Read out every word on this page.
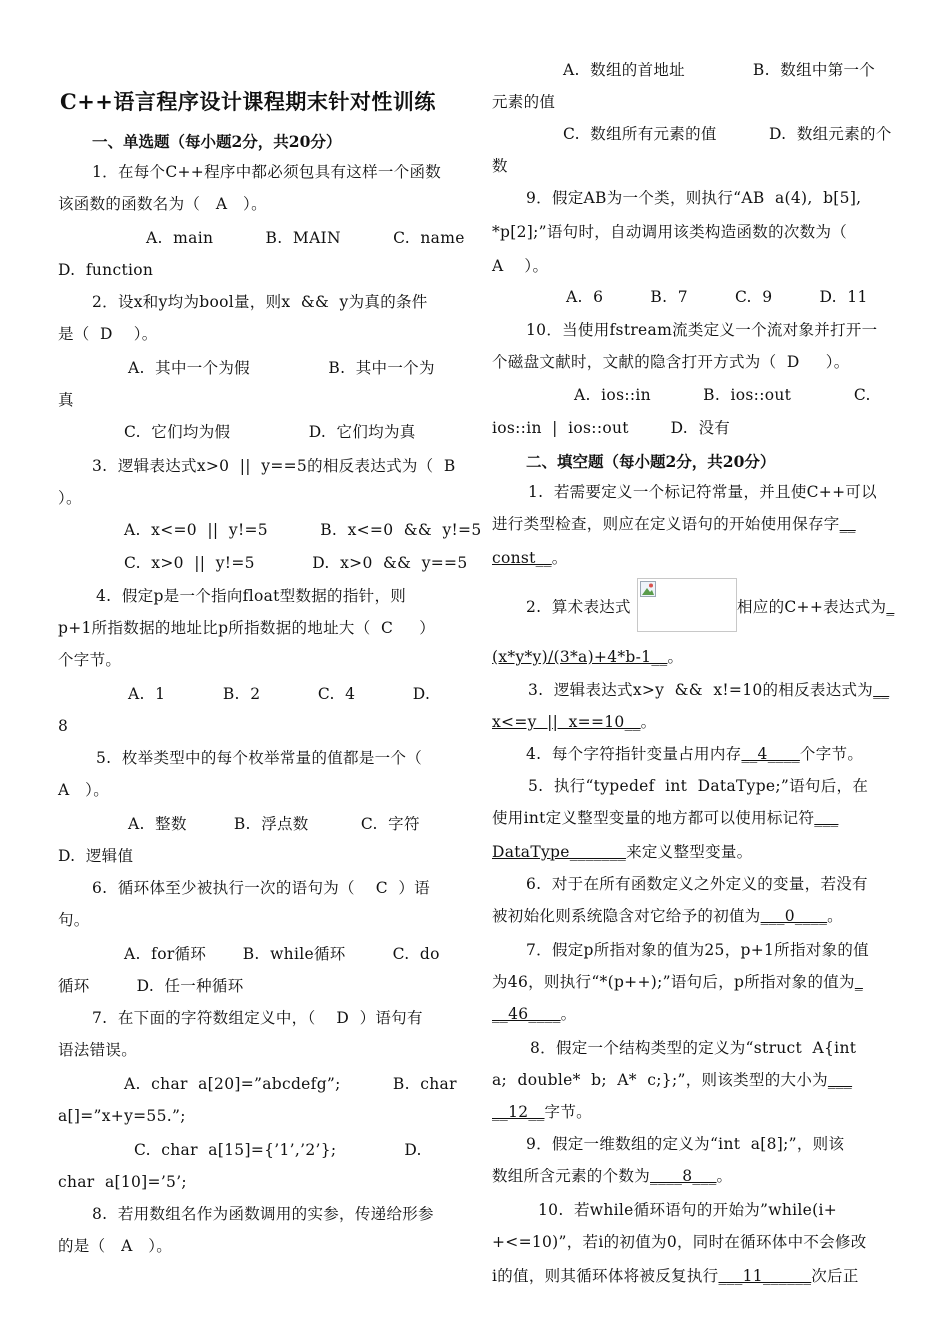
C++语言程序设计课程期末针对性训练
一、单选题（每小题2分，共20分）
1．在每个C++程序中都必须包具有这样一个函数
该函数的函数名为（   A   ）。
A.  main          B.  MAIN          C.  name
D.  function
2．设x和y均为bool量，则x  &&  y为真的条件
是（  D    ）。
A.  其中一个为假               B.  其中一个为
真
C.  它们均为假               D.  它们均为真
3.  逻辑表达式x>0  ||  y==5的相反表达式为（  B
）。
A.  x<=0  ||  y!=5          B.  x<=0  &&  y!=5
C.  x>0  ||  y!=5           D.  x>0  &&  y==5
4.  假定p是一个指向float型数据的指针，则
p+1所指数据的地址比p所指数据的地址大（  C     ）
个字节。
A.  1           B.  2           C.  4           D.
8
5.  枚举类型中的每个枚举常量的值都是一个（
A   ）。
A.  整数         B.  浮点数          C.  字符
D.  逻辑值
6.  循环体至少被执行一次的语句为（    C  ）语
句。
A.  for循环       B.  while循环         C.  do
循环         D.  任一种循环
7.  在下面的字符数组定义中，（    D  ）语句有
语法错误。
A.  char  a[20]=”abcdefg”;          B.  char
a[]=”x+y=55.”;
C.  char  a[15]={’1’,’2’};             D.
char  a[10]=’5’;
8.  若用数组名作为函数调用的实参，传递给形参
的是（   A   ）。
A.  数组的首地址             B.  数组中第一个
元素的值
C.  数组所有元素的值          D.  数组元素的个
数
9．假定AB为一个类，则执行“AB  a(4),  b[5],
*p[2];”语句时，自动调用该类构造函数的次数为（
A    ）。
A.  6         B.  7         C.  9         D.  11
10．当使用fstream流类定义一个流对象并打开一
个磁盘文献时，文献的隐含打开方式为（  D     ）。
A.  ios::in          B.  ios::out            C.
ios::in  |  ios::out        D.  没有
二、填空题（每小题2分，共20分）
1.  若需要定义一个标记符常量，并且使C++可以
进行类型检查，则应在定义语句的开始使用保存字__
const__。
2.  算术表达式	相应的C++表达式为_
(x*y*y)/(3*a)+4*b-1__。
3.  逻辑表达式x>y  &&  x!=10的相反表达式为__
x<=y  ||  x==10__。
4.  每个字符指针变量占用内存__4____个字节。
5.  执行“typedef  int  DataType;”语句后，在
使用int定义整型变量的地方都可以使用标记符___
DataType_______来定义整型变量。
6.  对于在所有函数定义之外定义的变量，若没有
被初始化则系统隐含对它给予的初值为___0____。
7．假定p所指对象的值为25，p+1所指对象的值
为46，则执行“*(p++);”语句后，p所指对象的值为_
__46____。
8．假定一个结构类型的定义为“struct  A{int
a;  double*  b;  A*  c;};”，则该类型的大小为___
__12__字节。
9．假定一维数组的定义为“int  a[8];”，则该
数组所含元素的个数为____8___。
10.  若while循环语句的开始为”while(i+
+<=10)”，若i的初值为0，同时在循环体中不会修改
i的值，则其循环体将被反复执行___11______次后正
